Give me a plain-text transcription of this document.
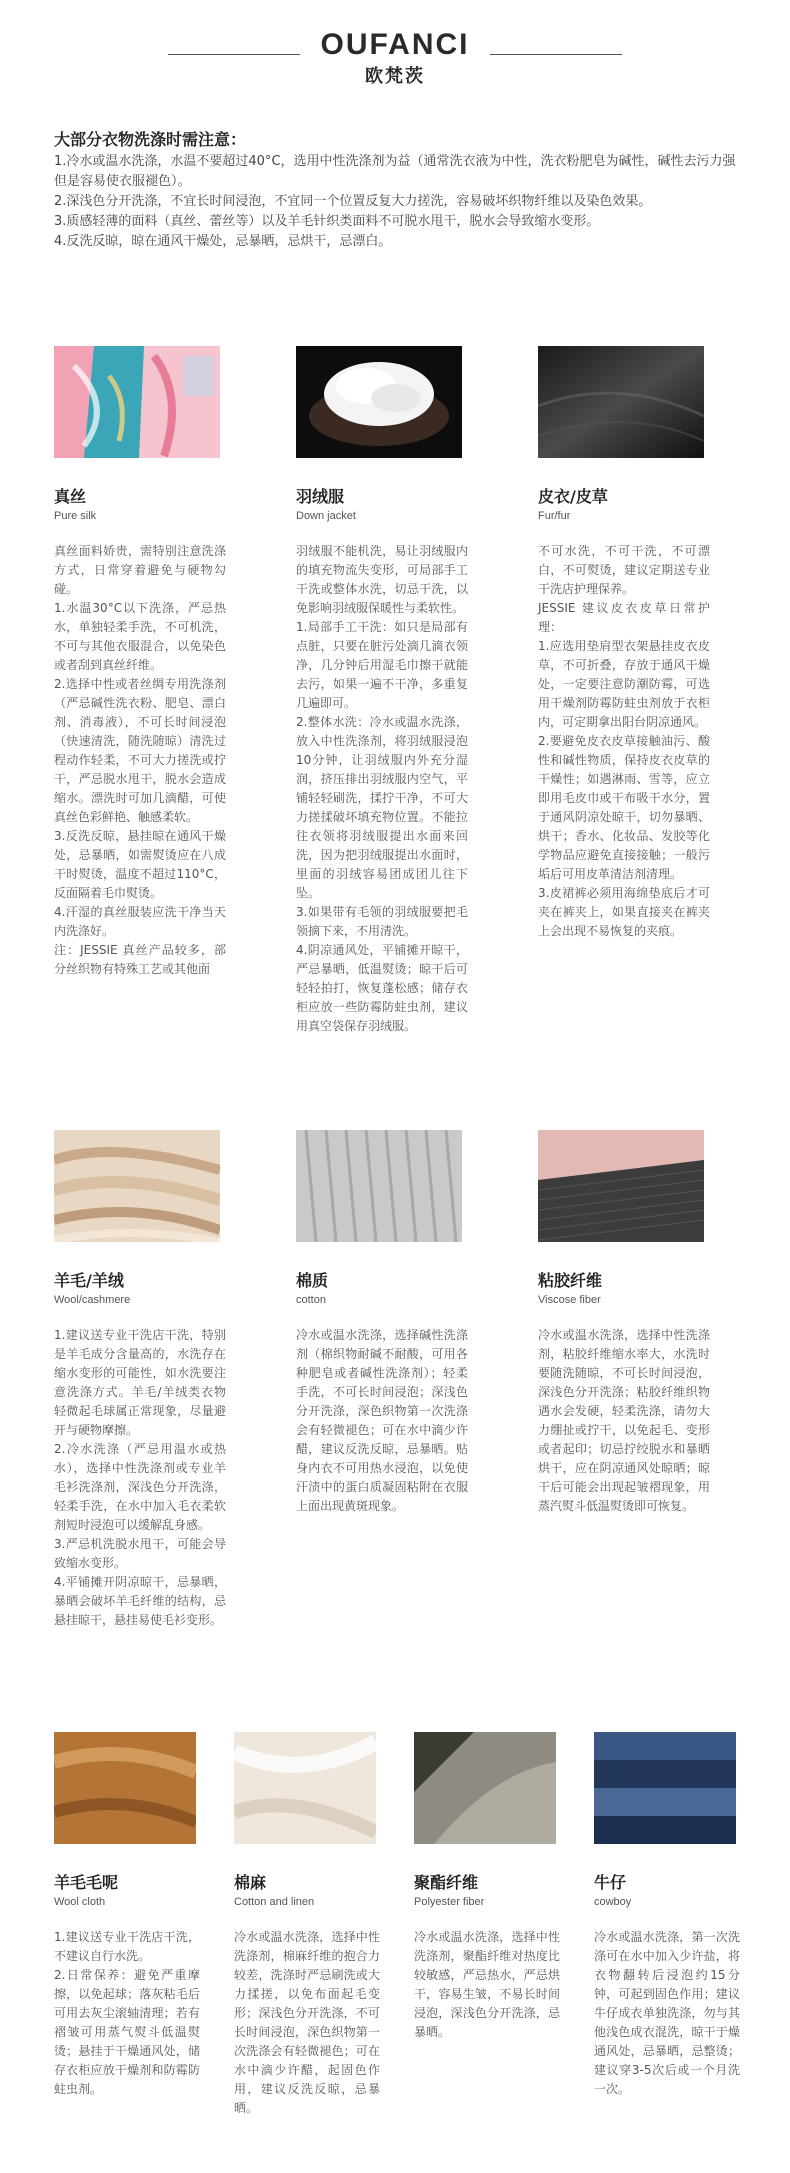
OUFANCI
欧梵茨
大部分衣物洗涤时需注意：

1.冷水或温水洗涤，水温不要超过40°C，选用中性洗涤剂为益（通常洗衣液为中性，洗衣粉肥皂为碱性，碱性去污力强但是容易使衣服褪色）。

2.深浅色分开洗涤，不宜长时间浸泡，不宜同一个位置反复大力搓洗，容易破坏织物纤维以及染色效果。

3.质感轻薄的面料（真丝、蕾丝等）以及羊毛针织类面料不可脱水甩干，脱水会导致缩水变形。

4.反洗反晾，晾在通风干燥处，忌暴晒，忌烘干，忌漂白。

真丝
Pure silk

真丝面料娇贵，需特别注意洗涤方式，日常穿着避免与硬物勾碰。

1.水温30°C以下洗涤，严忌热水，单独轻柔手洗，不可机洗，不可与其他衣服混合，以免染色或者刮到真丝纤维。

2.选择中性或者丝绸专用洗涤剂（严忌碱性洗衣粉、肥皂、漂白剂、消毒液），不可长时间浸泡（快速清洗，随洗随晾）清洗过程动作轻柔，不可大力搓洗或拧干，严忌脱水甩干，脱水会造成缩水。漂洗时可加几滴醋，可使真丝色彩鲜艳、触感柔软。

3.反洗反晾，悬挂晾在通风干燥处，忌暴晒，如需熨烫应在八成干时熨烫，温度不超过110°C，反面隔着毛巾熨烫。

4.汗湿的真丝服装应洗干净当天内洗涤好。

注：JESSIE 真丝产品较多，部分丝织物有特殊工艺或其他面

羽绒服
Down jacket

羽绒服不能机洗，易让羽绒服内的填充物流失变形，可局部手工干洗或整体水洗，切忌干洗，以免影响羽绒服保暖性与柔软性。

1.局部手工干洗：如只是局部有点脏，只要在脏污处滴几滴衣领净，几分钟后用湿毛巾擦干就能去污，如果一遍不干净，多重复几遍即可。

2.整体水洗：冷水或温水洗涤，放入中性洗涤剂，将羽绒服浸泡10分钟，让羽绒服内外充分湿润，挤压排出羽绒服内空气，平铺轻轻刷洗，揉拧干净，不可大力搓揉破坏填充物位置。不能拉往衣领将羽绒服提出水面来回洗，因为把羽绒服提出水面时，里面的羽绒容易团成团儿往下坠。

3.如果带有毛领的羽绒服要把毛领摘下来，不用清洗。

4.阴凉通风处，平铺摊开晾干，严忌暴晒，低温熨烫；晾干后可轻轻拍打，恢复蓬松感；储存衣柜应放一些防霉防蛀虫剂，建议用真空袋保存羽绒服。

皮衣/皮草
Fur/fur

不可水洗，不可干洗，不可漂白，不可熨烫，建议定期送专业干洗店护理保养。

JESSIE 建议皮衣皮草日常护理：

1.应选用垫肩型衣架悬挂皮衣皮草，不可折叠，存放于通风干燥处，一定要注意防潮防霉，可选用干燥剂防霉防蛀虫剂放于衣柜内，可定期拿出阳台阴凉通风。

2.要避免皮衣皮草接触油污、酸性和碱性物质，保持皮衣皮草的干燥性；如遇淋雨、雪等，应立即用毛皮巾或干布吸干水分，置于通风阴凉处晾干，切勿暴晒、烘干；香水、化妆品、发胶等化学物品应避免直接接触；一般污垢后可用皮革清洁剂清理。

3.皮裙裤必须用海绵垫底后才可夹在裤夹上，如果直接夹在裤夹上会出现不易恢复的夹痕。

羊毛/羊绒
Wool/cashmere

1.建议送专业干洗店干洗，特别是羊毛成分含量高的，水洗存在缩水变形的可能性，如水洗要注意洗涤方式。羊毛/羊绒类衣物轻微起毛球属正常现象，尽量避开与硬物摩擦。

2.冷水洗涤（严忌用温水或热水），选择中性洗涤剂或专业羊毛衫洗涤剂，深浅色分开洗涤，轻柔手洗，在水中加入毛衣柔软剂短时浸泡可以缓解乱身感。

3.严忌机洗脱水甩干，可能会导致缩水变形。

4.平铺摊开阴凉晾干，忌暴晒，暴晒会破坏羊毛纤维的结构，忌悬挂晾干，悬挂易使毛衫变形。

棉质
cotton

冷水或温水洗涤，选择碱性洗涤剂（棉织物耐碱不耐酸，可用各种肥皂或者碱性洗涤剂）；轻柔手洗，不可长时间浸泡；深浅色分开洗涤，深色织物第一次洗涤会有轻微褪色；可在水中滴少许醋，建议反洗反晾，忌暴晒。贴身内衣不可用热水浸泡，以免使汗渍中的蛋白质凝固粘附在衣服上面出现黄斑现象。

粘胶纤维
Viscose fiber

冷水或温水洗涤，选择中性洗涤剂，粘胶纤维缩水率大，水洗时要随洗随晾，不可长时间浸泡，深浅色分开洗涤；粘胶纤维织物遇水会发硬，轻柔洗涤，请勿大力绷扯或拧干，以免起毛、变形或者起印；切忌拧绞脱水和暴晒烘干，应在阴凉通风处晾晒；晾干后可能会出现起皱褶现象，用蒸汽熨斗低温熨烫即可恢复。

羊毛毛呢
Wool cloth

1.建议送专业干洗店干洗，不建议自行水洗。

2.日常保养：避免严重摩擦，以免起球；落灰粘毛后可用去灰尘滚轴清理；若有褶皱可用蒸气熨斗低温熨烫；悬挂于干燥通风处，储存衣柜应放干燥剂和防霉防蛀虫剂。

棉麻
Cotton and linen

冷水或温水洗涤，选择中性洗涤剂，棉麻纤维的抱合力较差，洗涤时严忌刷洗或大力揉搓，以免布面起毛变形；深浅色分开洗涤，不可长时间浸泡，深色织物第一次洗涤会有轻微褪色；可在水中滴少许醋，起固色作用，建议反洗反晾，忌暴晒。

聚酯纤维
Polyester fiber

冷水或温水洗涤，选择中性洗涤剂，聚酯纤维对热度比较敏感，严忌热水，严忌烘干，容易生皱，不易长时间浸泡，深浅色分开洗涤，忌暴晒。

牛仔
cowboy

冷水或温水洗涤，第一次洗涤可在水中加入少许盐，将衣物翻转后浸泡约15分钟，可起到固色作用；建议牛仔成衣单独洗涤，勿与其他浅色成衣混洗，晾干于燥通风处，忌暴晒，忌整烫；建议穿3-5次后或一个月洗一次。
